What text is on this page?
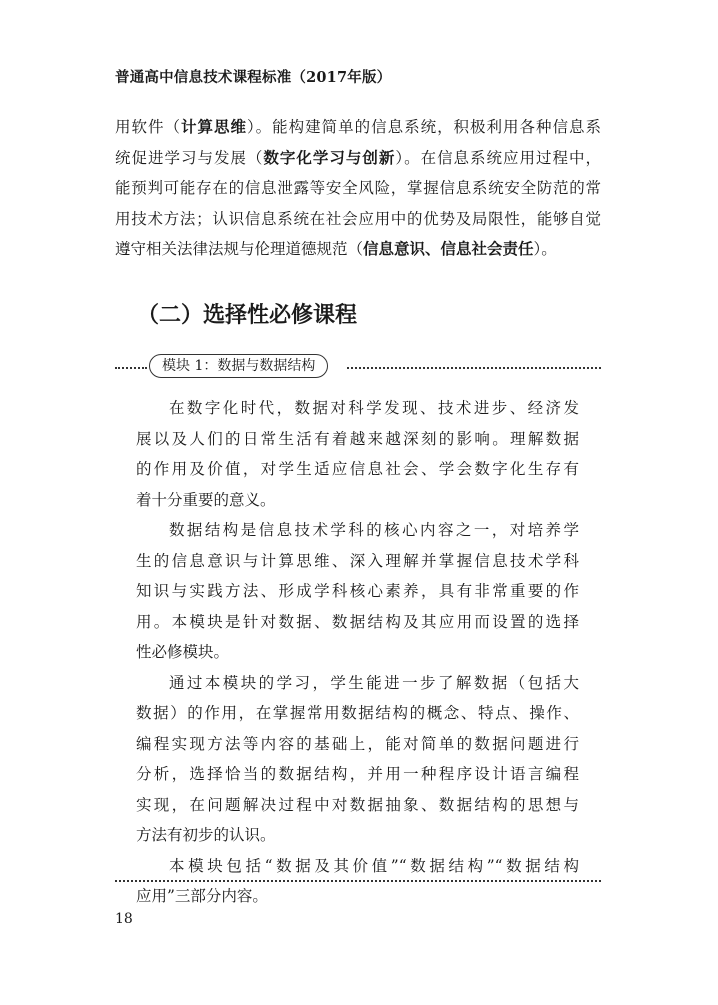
普通高中信息技术课程标准（2017年版）
用软件（计算思维）。能构建简单的信息系统，积极利用各种信息系
统促进学习与发展（数字化学习与创新）。在信息系统应用过程中，
能预判可能存在的信息泄露等安全风险，掌握信息系统安全防范的常
用技术方法；认识信息系统在社会应用中的优势及局限性，能够自觉
遵守相关法律法规与伦理道德规范（信息意识、信息社会责任）。
（二）选择性必修课程
模块 1：数据与数据结构
在数字化时代，数据对科学发现、技术进步、经济发
展以及人们的日常生活有着越来越深刻的影响。理解数据
的作用及价值，对学生适应信息社会、学会数字化生存有
着十分重要的意义。
数据结构是信息技术学科的核心内容之一，对培养学
生的信息意识与计算思维、深入理解并掌握信息技术学科
知识与实践方法、形成学科核心素养，具有非常重要的作
用。本模块是针对数据、数据结构及其应用而设置的选择
性必修模块。
通过本模块的学习，学生能进一步了解数据（包括大
数据）的作用，在掌握常用数据结构的概念、特点、操作、
编程实现方法等内容的基础上，能对简单的数据问题进行
分析，选择恰当的数据结构，并用一种程序设计语言编程
实现，在问题解决过程中对数据抽象、数据结构的思想与
方法有初步的认识。
本模块包括“数据及其价值”“数据结构”“数据结构
应用”三部分内容。
18
